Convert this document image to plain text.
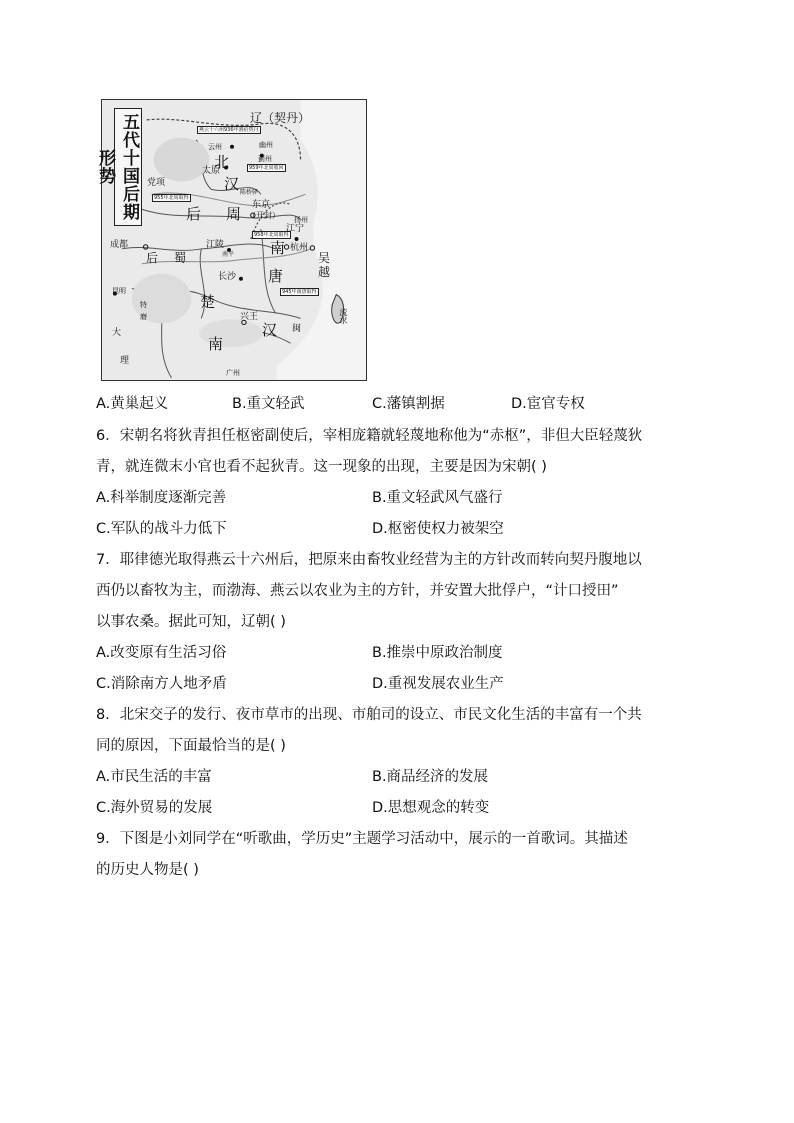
五代十国后期形势
辽（契丹）
燕云十六州936年割给契丹
云州	幽州
北	蓟州
太原
汉
959年北周收回
陈桥驿
党项
955年北周取得
东京
（开封）
后 周	扬州
958年北周取得
江宁
杭州
成都
后 蜀
江陵
南平 南
唐
吴
越
长沙
楚
945年南唐取得
流求
昆明
特
磨
大
理
兴王
南
汉 闽
广州
A.黄巢起义	B.重文轻武	C.藩镇割据	D.宦官专权
6．宋朝名将狄青担任枢密副使后，宰相庞籍就轻蔑地称他为“赤枢”，非但大臣轻蔑狄
青，就连微末小官也看不起狄青。这一现象的出现，主要是因为宋朝( )
A.科举制度逐渐完善	B.重文轻武风气盛行
C.军队的战斗力低下	D.枢密使权力被架空
7．耶律德光取得燕云十六州后，把原来由畜牧业经营为主的方针改而转向契丹腹地以
西仍以畜牧为主，而渤海、燕云以农业为主的方针，并安置大批俘户，“计口授田”
以事农桑。据此可知，辽朝( )
A.改变原有生活习俗	B.推崇中原政治制度
C.消除南方人地矛盾	D.重视发展农业生产
8．北宋交子的发行、夜市草市的出现、市舶司的设立、市民文化生活的丰富有一个共
同的原因，下面最恰当的是( )
A.市民生活的丰富	B.商品经济的发展
C.海外贸易的发展	D.思想观念的转变
9．下图是小刘同学在“听歌曲，学历史”主题学习活动中，展示的一首歌词。其描述
的历史人物是( )
